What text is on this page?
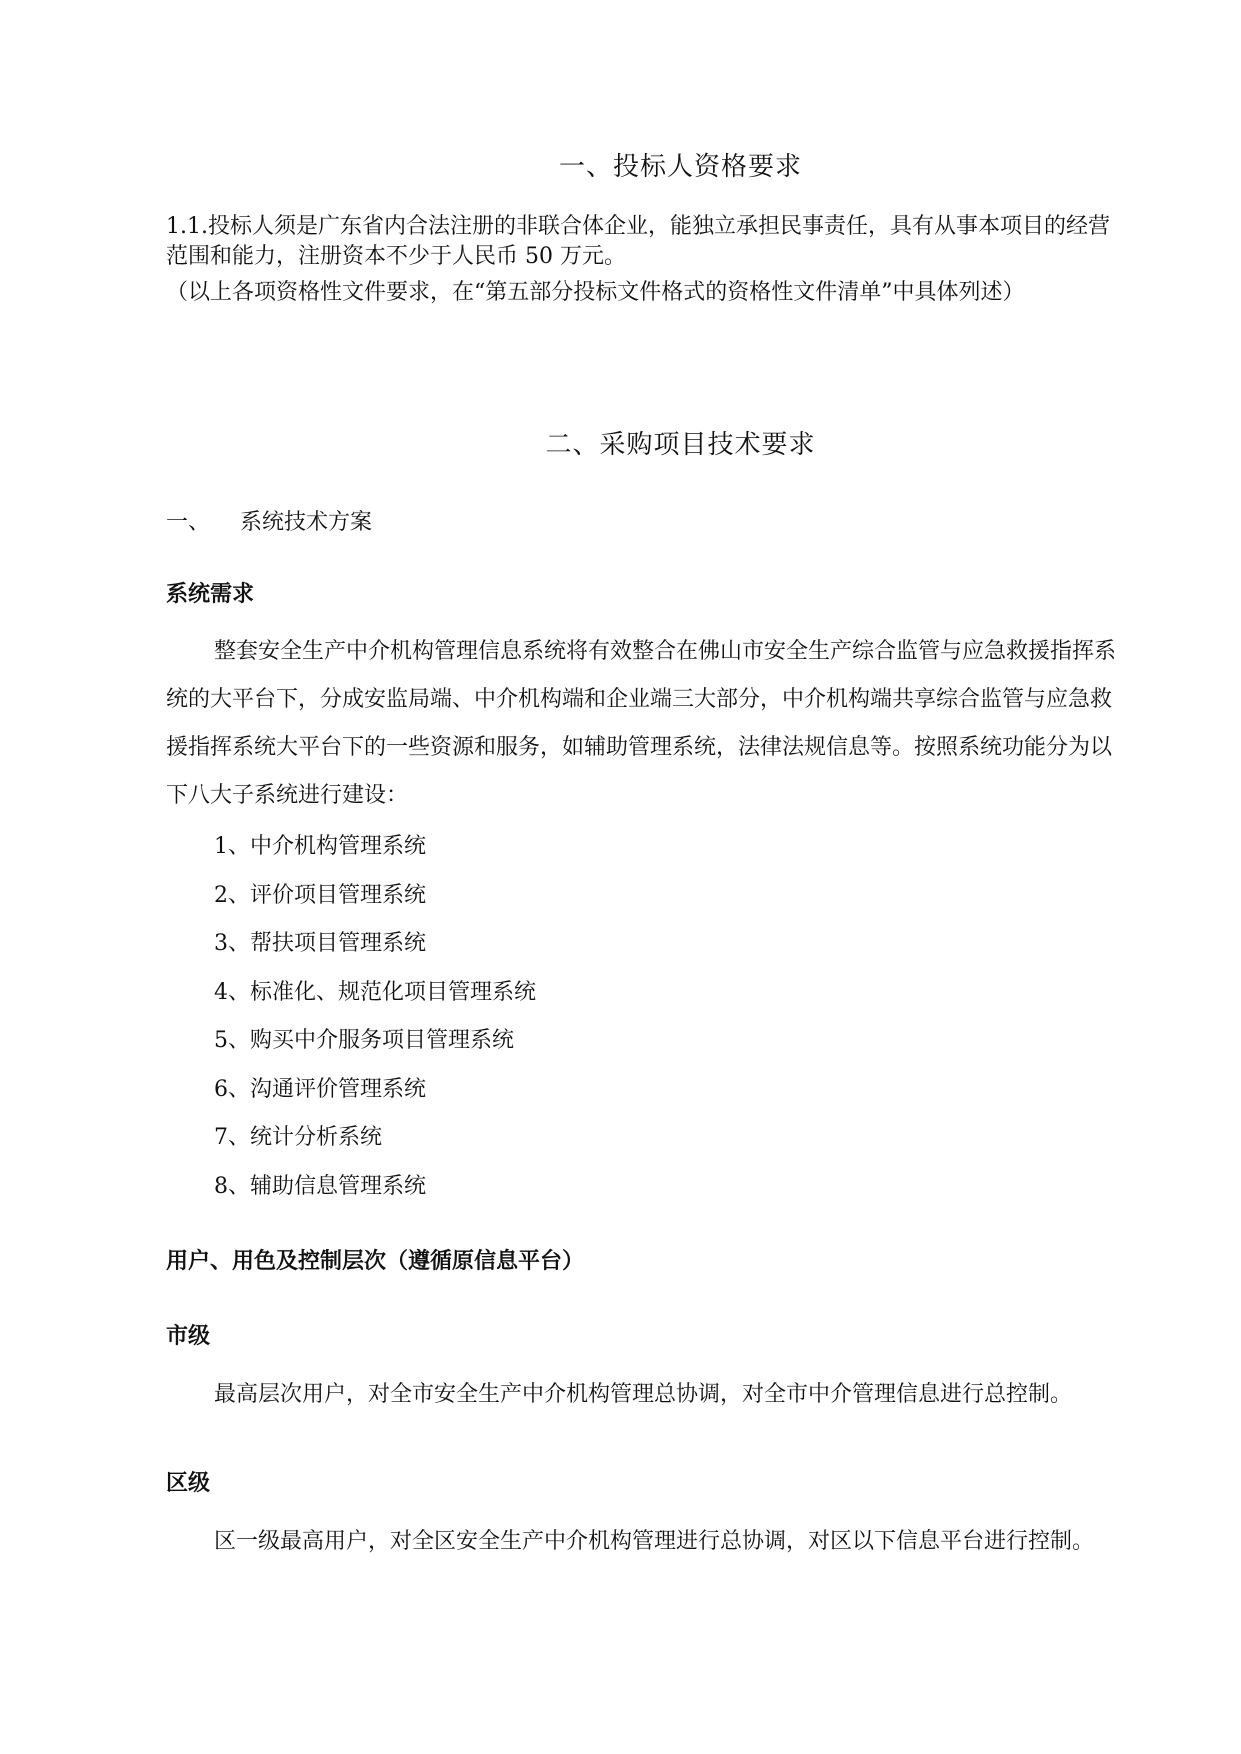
一、投标人资格要求

1.1.投标人须是广东省内合法注册的非联合体企业，能独立承担民事责任，具有从事本项目的经营范围和能力，注册资本不少于人民币 50 万元。

（以上各项资格性文件要求，在“第五部分投标文件格式的资格性文件清单”中具体列述）

二、采购项目技术要求
一、 系统技术方案
系统需求

整套安全生产中介机构管理信息系统将有效整合在佛山市安全生产综合监管与应急救援指挥系统的大平台下，分成安监局端、中介机构端和企业端三大部分，中介机构端共享综合监管与应急救援指挥系统大平台下的一些资源和服务，如辅助管理系统，法律法规信息等。按照系统功能分为以下八大子系统进行建设：

1、中介机构管理系统
2、评价项目管理系统
3、帮扶项目管理系统
4、标准化、规范化项目管理系统
5、购买中介服务项目管理系统
6、沟通评价管理系统
7、统计分析系统
8、辅助信息管理系统
用户、用色及控制层次（遵循原信息平台）
市级

最高层次用户，对全市安全生产中介机构管理总协调，对全市中介管理信息进行总控制。

区级

区一级最高用户，对全区安全生产中介机构管理进行总协调，对区以下信息平台进行控制。
